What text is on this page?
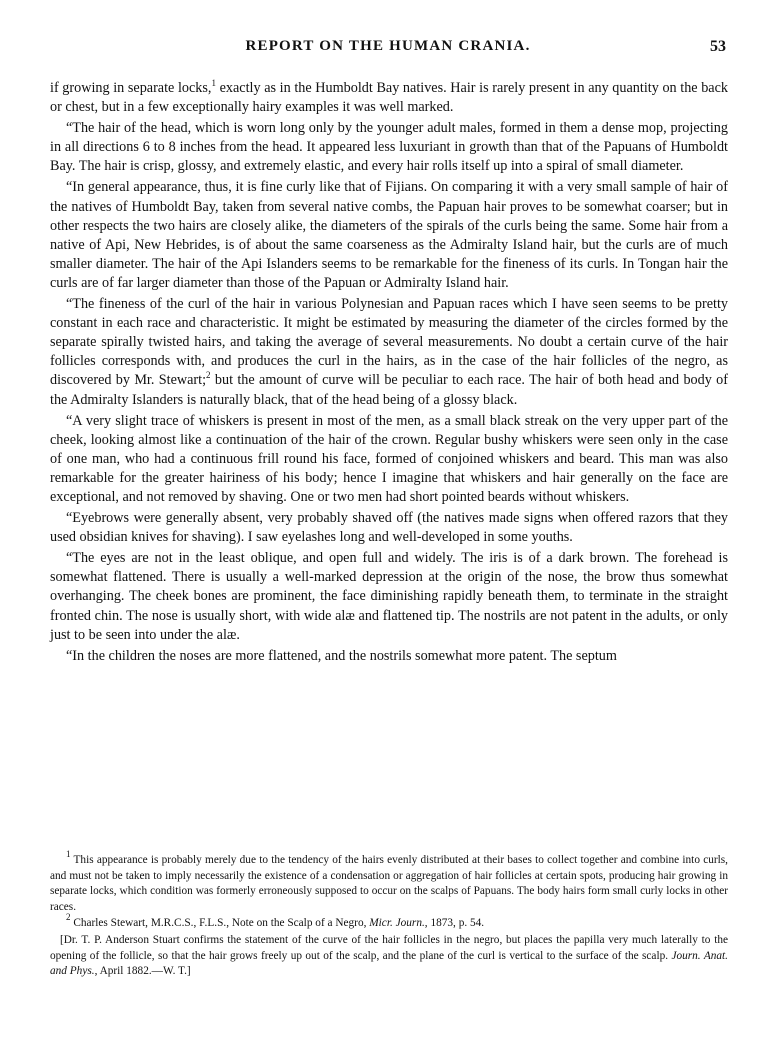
REPORT ON THE HUMAN CRANIA.	53

if growing in separate locks,$^1$ exactly as in the Humboldt Bay natives. Hair is rarely present in any quantity on the back or chest, but in a few exceptionally hairy examples it was well marked.

“The hair of the head, which is worn long only by the younger adult males, formed in them a dense mop, projecting in all directions 6 to 8 inches from the head. It appeared less luxuriant in growth than that of the Papuans of Humboldt Bay. The hair is crisp, glossy, and extremely elastic, and every hair rolls itself up into a spiral of small diameter.

“In general appearance, thus, it is fine curly like that of Fijians. On comparing it with a very small sample of hair of the natives of Humboldt Bay, taken from several native combs, the Papuan hair proves to be somewhat coarser; but in other respects the two hairs are closely alike, the diameters of the spirals of the curls being the same. Some hair from a native of Api, New Hebrides, is of about the same coarseness as the Admiralty Island hair, but the curls are of much smaller diameter. The hair of the Api Islanders seems to be remarkable for the fineness of its curls. In Tongan hair the curls are of far larger diameter than those of the Papuan or Admiralty Island hair.

“The fineness of the curl of the hair in various Polynesian and Papuan races which I have seen seems to be pretty constant in each race and characteristic. It might be estimated by measuring the diameter of the circles formed by the separate spirally twisted hairs, and taking the average of several measurements. No doubt a certain curve of the hair follicles corresponds with, and produces the curl in the hairs, as in the case of the hair follicles of the negro, as discovered by Mr. Stewart;$^2$ but the amount of curve will be peculiar to each race. The hair of both head and body of the Admiralty Islanders is naturally black, that of the head being of a glossy black.

“A very slight trace of whiskers is present in most of the men, as a small black streak on the very upper part of the cheek, looking almost like a continuation of the hair of the crown. Regular bushy whiskers were seen only in the case of one man, who had a continuous frill round his face, formed of conjoined whiskers and beard. This man was also remarkable for the greater hairiness of his body; hence I imagine that whiskers and hair generally on the face are exceptional, and not removed by shaving. One or two men had short pointed beards without whiskers.

“Eyebrows were generally absent, very probably shaved off (the natives made signs when offered razors that they used obsidian knives for shaving). I saw eyelashes long and well-developed in some youths.

“The eyes are not in the least oblique, and open full and widely. The iris is of a dark brown. The forehead is somewhat flattened. There is usually a well-marked depression at the origin of the nose, the brow thus somewhat overhanging. The cheek bones are prominent, the face diminishing rapidly beneath them, to terminate in the straight fronted chin. The nose is usually short, with wide alæ and flattened tip. The nostrils are not patent in the adults, or only just to be seen into under the alæ.

“In the children the noses are more flattened, and the nostrils somewhat more patent. The septum

$^1$ This appearance is probably merely due to the tendency of the hairs evenly distributed at their bases to collect together and combine into curls, and must not be taken to imply necessarily the existence of a condensation or aggregation of hair follicles at certain spots, producing hair growing in separate locks, which condition was formerly erroneously supposed to occur on the scalps of Papuans. The body hairs form small curly locks in other races.

$^2$ Charles Stewart, M.R.C.S., F.L.S., Note on the Scalp of a Negro, Micr. Journ., 1873, p. 54.

[Dr. T. P. Anderson Stuart confirms the statement of the curve of the hair follicles in the negro, but places the papilla very much laterally to the opening of the follicle, so that the hair grows freely up out of the scalp, and the plane of the curl is vertical to the surface of the scalp. Journ. Anat. and Phys., April 1882.—W. T.]
